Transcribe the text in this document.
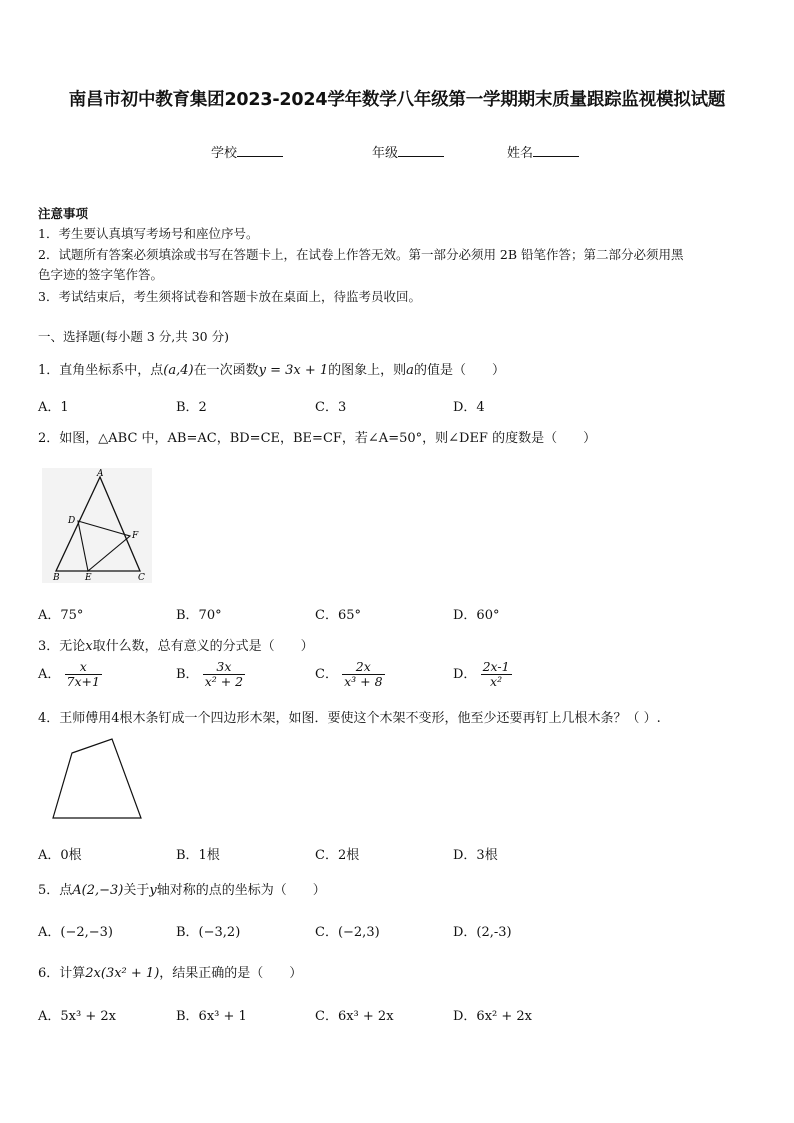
南昌市初中教育集团2023-2024学年数学八年级第一学期期末质量跟踪监视模拟试题
学校	年级	姓名
注意事项
1．考生要认真填写考场号和座位序号。
2．试题所有答案必须填涂或书写在答题卡上，在试卷上作答无效。第一部分必须用 2B 铅笔作答；第二部分必须用黑
色字迹的签字笔作答。
3．考试结束后，考生须将试卷和答题卡放在桌面上，待监考员收回。
一、选择题(每小题 3 分,共 30 分)
1．直角坐标系中，点(a,4)在一次函数y = 3x + 1的图象上，则a的值是（　　）
A．1	B．2	C．3	D．4
2．如图，△ABC 中，AB=AC，BD=CE，BE=CF，若∠A=50°，则∠DEF 的度数是（　　）
A
D
F
B	E	C
A．75°	B．70°	C．65°	D．60°
3．无论x取什么数，总有意义的分式是（　　）
A． $\frac{x}{7x+1}$	B． $\frac{3x}{\text{x² + 2}}$	C． $\frac{2x}{\text{x³ + 8}}$	D． $\frac{2x-1}{\text{x²}}$
4．王师傅用4根木条钉成一个四边形木架，如图．要使这个木架不变形，他至少还要再钉上几根木条？（ ）.
A．0根	B．1根	C．2根	D．3根
5．点A(2,−3)关于y轴对称的点的坐标为（　　）
A．(−2,−3)	B．(−3,2)	C．(−2,3)	D．(2,-3)
6．计算2x(3x² + 1)，结果正确的是（　　）
A．5x³ + 2x	B．6x³ + 1	C．6x³ + 2x	D．6x² + 2x
